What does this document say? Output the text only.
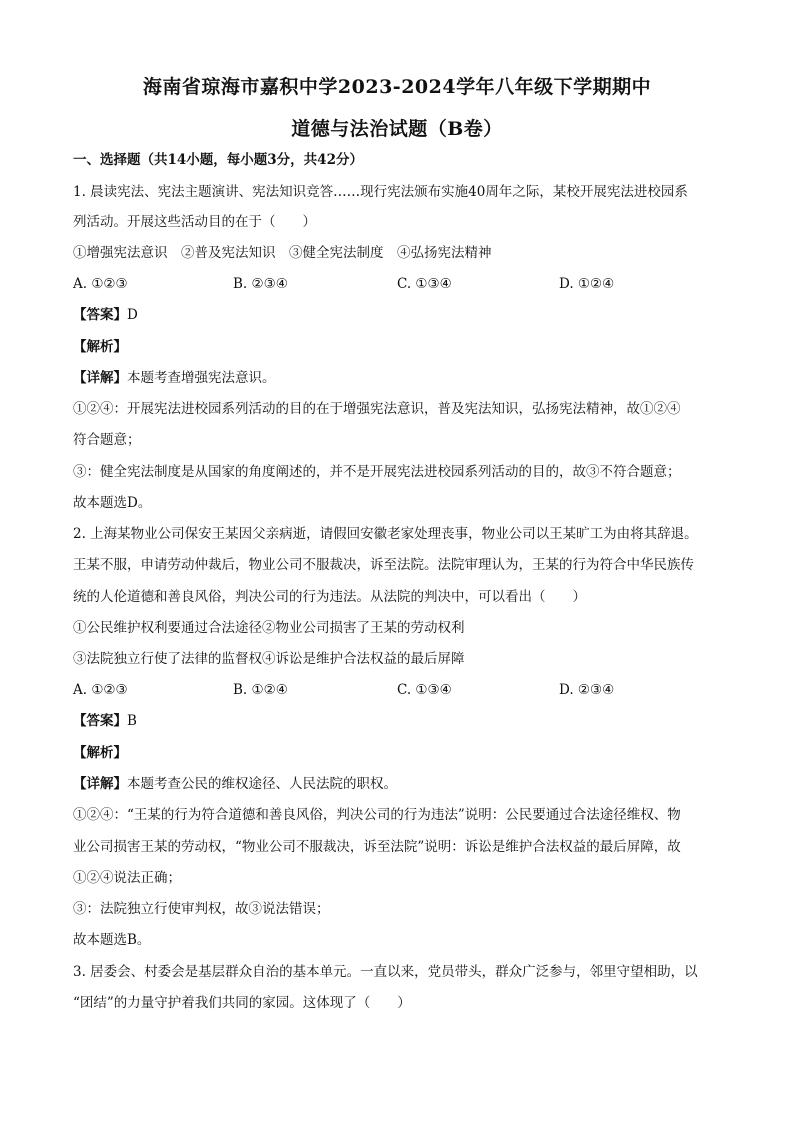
海南省琼海市嘉积中学2023-2024学年八年级下学期期中
道德与法治试题（B卷）
一、选择题（共14小题，每小题3分，共42分）
1. 晨读宪法、宪法主题演讲、宪法知识竞答……现行宪法颁布实施40周年之际，某校开展宪法进校园系
列活动。开展这些活动目的在于（　　）
①增强宪法意识　②普及宪法知识　③健全宪法制度　④弘扬宪法精神
A. ①②③	B. ②③④	C. ①③④	D. ①②④
【答案】D
【解析】
【详解】本题考查增强宪法意识。
①②④：开展宪法进校园系列活动的目的在于增强宪法意识，普及宪法知识，弘扬宪法精神，故①②④
符合题意；
③：健全宪法制度是从国家的角度阐述的，并不是开展宪法进校园系列活动的目的，故③不符合题意；
故本题选D。
2. 上海某物业公司保安王某因父亲病逝，请假回安徽老家处理丧事，物业公司以王某旷工为由将其辞退。
王某不服，申请劳动仲裁后，物业公司不服裁决，诉至法院。法院审理认为，王某的行为符合中华民族传
统的人伦道德和善良风俗，判决公司的行为违法。从法院的判决中，可以看出（　　）
①公民维护权利要通过合法途径②物业公司损害了王某的劳动权利
③法院独立行使了法律的监督权④诉讼是维护合法权益的最后屏障
A. ①②③	B. ①②④	C. ①③④	D. ②③④
【答案】B
【解析】
【详解】本题考查公民的维权途径、人民法院的职权。
①②④：“王某的行为符合道德和善良风俗，判决公司的行为违法”说明：公民要通过合法途径维权、物
业公司损害王某的劳动权，“物业公司不服裁决，诉至法院”说明：诉讼是维护合法权益的最后屏障，故
①②④说法正确；
③：法院独立行使审判权，故③说法错误；
故本题选B。
3. 居委会、村委会是基层群众自治的基本单元。一直以来，党员带头，群众广泛参与，邻里守望相助，以
“团结”的力量守护着我们共同的家园。这体现了（　　）
